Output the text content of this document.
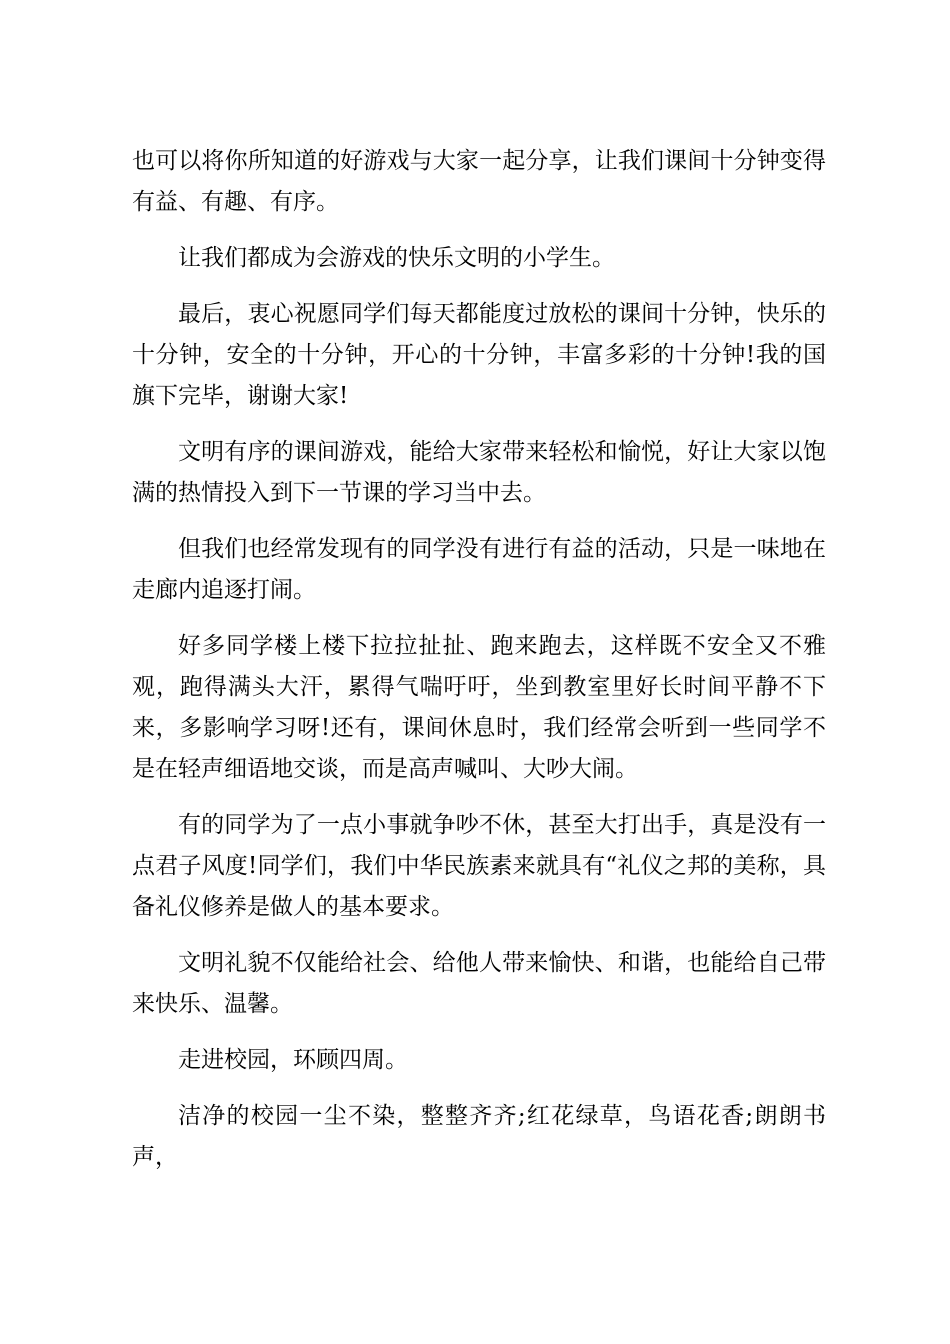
也可以将你所知道的好游戏与大家一起分享，让我们课间十分钟变得有益、有趣、有序。

让我们都成为会游戏的快乐文明的小学生。

最后，衷心祝愿同学们每天都能度过放松的课间十分钟，快乐的十分钟，安全的十分钟，开心的十分钟，丰富多彩的十分钟!我的国旗下完毕，谢谢大家!

文明有序的课间游戏，能给大家带来轻松和愉悦，好让大家以饱满的热情投入到下一节课的学习当中去。

但我们也经常发现有的同学没有进行有益的活动，只是一味地在走廊内追逐打闹。

好多同学楼上楼下拉拉扯扯、跑来跑去，这样既不安全又不雅观，跑得满头大汗，累得气喘吁吁，坐到教室里好长时间平静不下来，多影响学习呀!还有，课间休息时，我们经常会听到一些同学不是在轻声细语地交谈，而是高声喊叫、大吵大闹。

有的同学为了一点小事就争吵不休，甚至大打出手，真是没有一点君子风度!同学们，我们中华民族素来就具有“礼仪之邦的美称，具备礼仪修养是做人的基本要求。

文明礼貌不仅能给社会、给他人带来愉快、和谐，也能给自己带来快乐、温馨。

走进校园，环顾四周。

洁净的校园一尘不染，整整齐齐;红花绿草，鸟语花香;朗朗书声，
